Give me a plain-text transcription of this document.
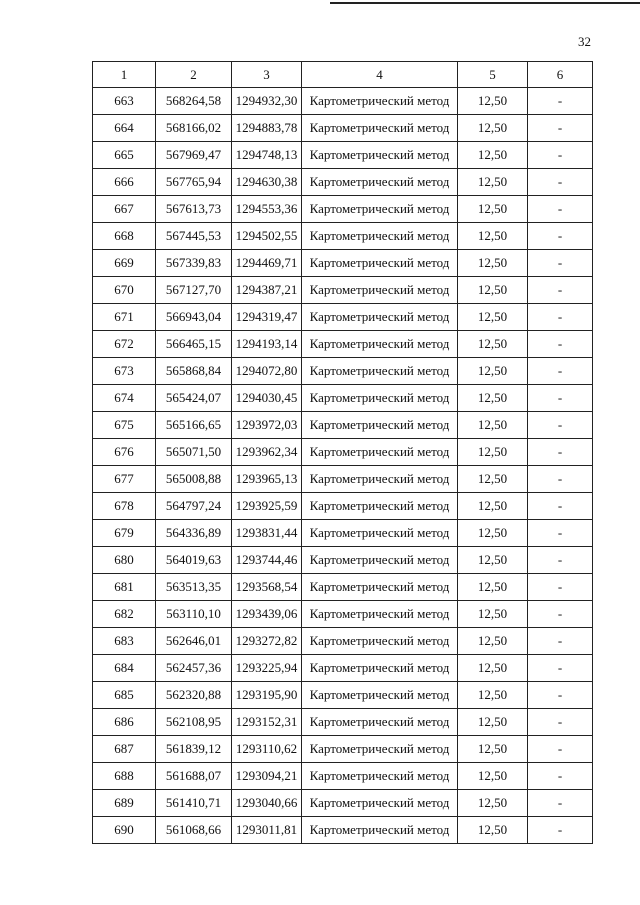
32
1	2	3	4	5	6
663	568264,58	1294932,30	Картометрический метод	12,50	-
664	568166,02	1294883,78	Картометрический метод	12,50	-
665	567969,47	1294748,13	Картометрический метод	12,50	-
666	567765,94	1294630,38	Картометрический метод	12,50	-
667	567613,73	1294553,36	Картометрический метод	12,50	-
668	567445,53	1294502,55	Картометрический метод	12,50	-
669	567339,83	1294469,71	Картометрический метод	12,50	-
670	567127,70	1294387,21	Картометрический метод	12,50	-
671	566943,04	1294319,47	Картометрический метод	12,50	-
672	566465,15	1294193,14	Картометрический метод	12,50	-
673	565868,84	1294072,80	Картометрический метод	12,50	-
674	565424,07	1294030,45	Картометрический метод	12,50	-
675	565166,65	1293972,03	Картометрический метод	12,50	-
676	565071,50	1293962,34	Картометрический метод	12,50	-
677	565008,88	1293965,13	Картометрический метод	12,50	-
678	564797,24	1293925,59	Картометрический метод	12,50	-
679	564336,89	1293831,44	Картометрический метод	12,50	-
680	564019,63	1293744,46	Картометрический метод	12,50	-
681	563513,35	1293568,54	Картометрический метод	12,50	-
682	563110,10	1293439,06	Картометрический метод	12,50	-
683	562646,01	1293272,82	Картометрический метод	12,50	-
684	562457,36	1293225,94	Картометрический метод	12,50	-
685	562320,88	1293195,90	Картометрический метод	12,50	-
686	562108,95	1293152,31	Картометрический метод	12,50	-
687	561839,12	1293110,62	Картометрический метод	12,50	-
688	561688,07	1293094,21	Картометрический метод	12,50	-
689	561410,71	1293040,66	Картометрический метод	12,50	-
690	561068,66	1293011,81	Картометрический метод	12,50	-
